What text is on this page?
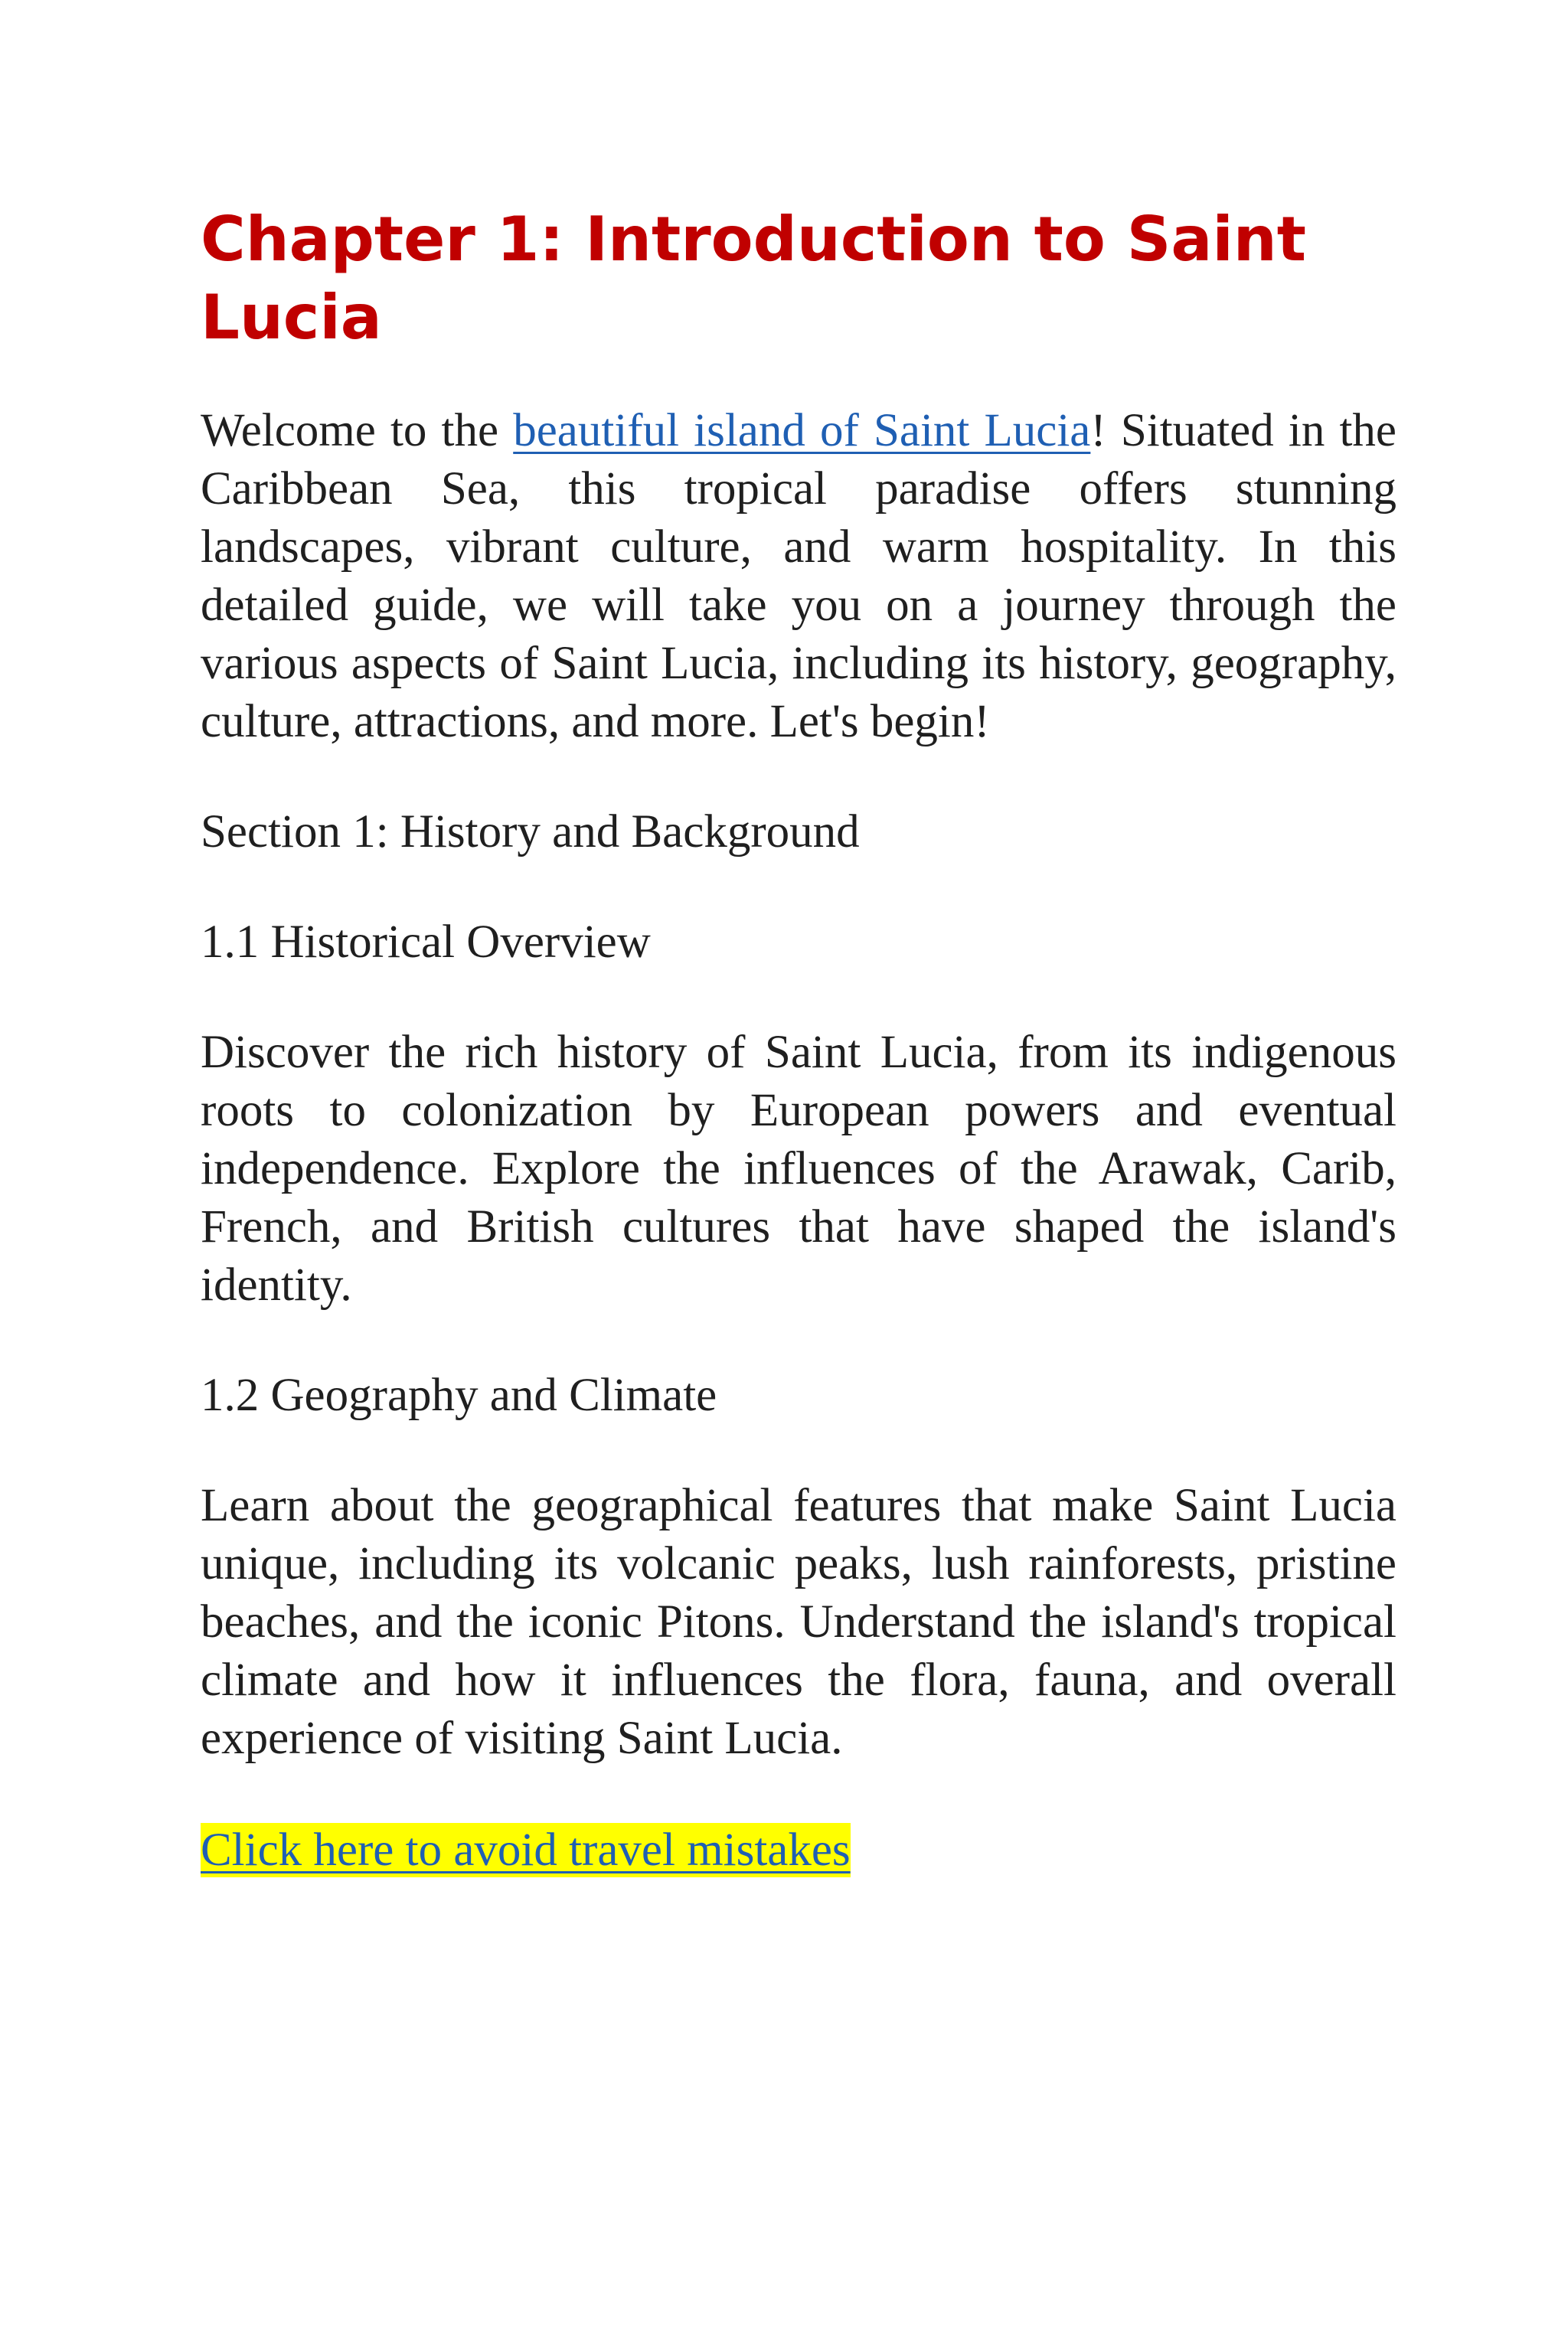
Chapter 1: Introduction to Saint Lucia

Welcome to the beautiful island of Saint Lucia! Situated in the Caribbean Sea, this tropical paradise offers stunning landscapes, vibrant culture, and warm hospitality. In this detailed guide, we will take you on a journey through the various aspects of Saint Lucia, including its history, geography, culture, attractions, and more. Let's begin!

Section 1: History and Background

1.1 Historical Overview

Discover the rich history of Saint Lucia, from its indigenous roots to colonization by European powers and eventual independence. Explore the influences of the Arawak, Carib, French, and British cultures that have shaped the island's identity.

1.2 Geography and Climate

Learn about the geographical features that make Saint Lucia unique, including its volcanic peaks, lush rainforests, pristine beaches, and the iconic Pitons. Understand the island's tropical climate and how it influences the flora, fauna, and overall experience of visiting Saint Lucia.

Click here to avoid travel mistakes
